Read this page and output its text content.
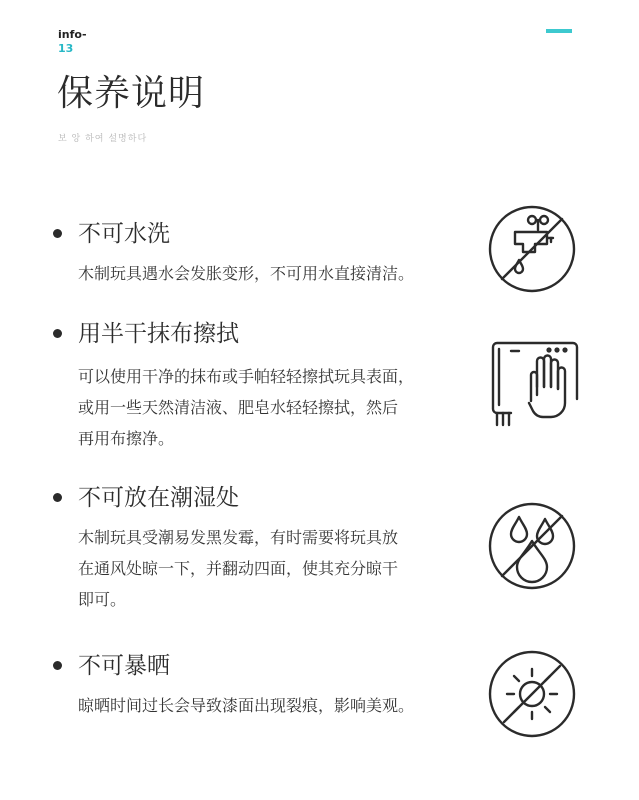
info-
13
保养说明
보 앙 하여 설명하다
不可水洗
木制玩具遇水会发胀变形，不可用水直接清洁。
用半干抹布擦拭
可以使用干净的抹布或手帕轻轻擦拭玩具表面，
或用一些天然清洁液、肥皂水轻轻擦拭，然后
再用布擦净。
不可放在潮湿处
木制玩具受潮易发黑发霉，有时需要将玩具放
在通风处晾一下，并翻动四面，使其充分晾干
即可。
不可暴晒
晾晒时间过长会导致漆面出现裂痕，影响美观。
